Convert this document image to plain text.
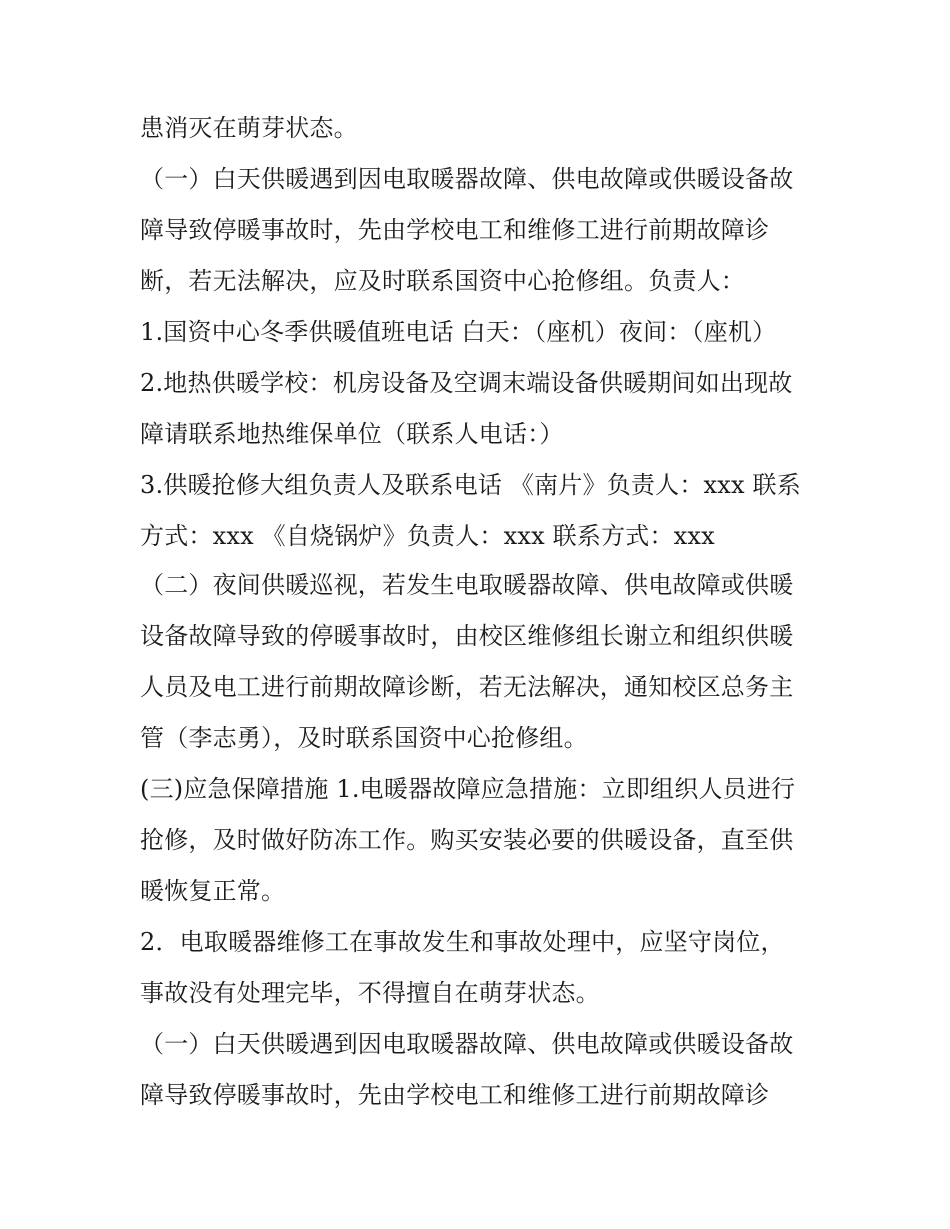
患消灭在萌芽状态。
（一）白天供暖遇到因电取暖器故障、供电故障或供暖设备故
障导致停暖事故时，先由学校电工和维修工进行前期故障诊
断，若无法解决，应及时联系国资中心抢修组。负责人：
1.国资中心冬季供暖值班电话 白天：（座机）夜间：（座机）
2.地热供暖学校：机房设备及空调末端设备供暖期间如出现故
障请联系地热维保单位（联系人电话：）
3.供暖抢修大组负责人及联系电话 《南片》负责人：xxx 联系
方式：xxx 《自烧锅炉》负责人：xxx 联系方式：xxx
（二）夜间供暖巡视，若发生电取暖器故障、供电故障或供暖
设备故障导致的停暖事故时，由校区维修组长谢立和组织供暖
人员及电工进行前期故障诊断，若无法解决，通知校区总务主
管（李志勇），及时联系国资中心抢修组。
(三)应急保障措施 1.电暖器故障应急措施：立即组织人员进行
抢修，及时做好防冻工作。购买安装必要的供暖设备，直至供
暖恢复正常。
2．电取暖器维修工在事故发生和事故处理中，应坚守岗位，
事故没有处理完毕，不得擅自在萌芽状态。
（一）白天供暖遇到因电取暖器故障、供电故障或供暖设备故
障导致停暖事故时，先由学校电工和维修工进行前期故障诊
